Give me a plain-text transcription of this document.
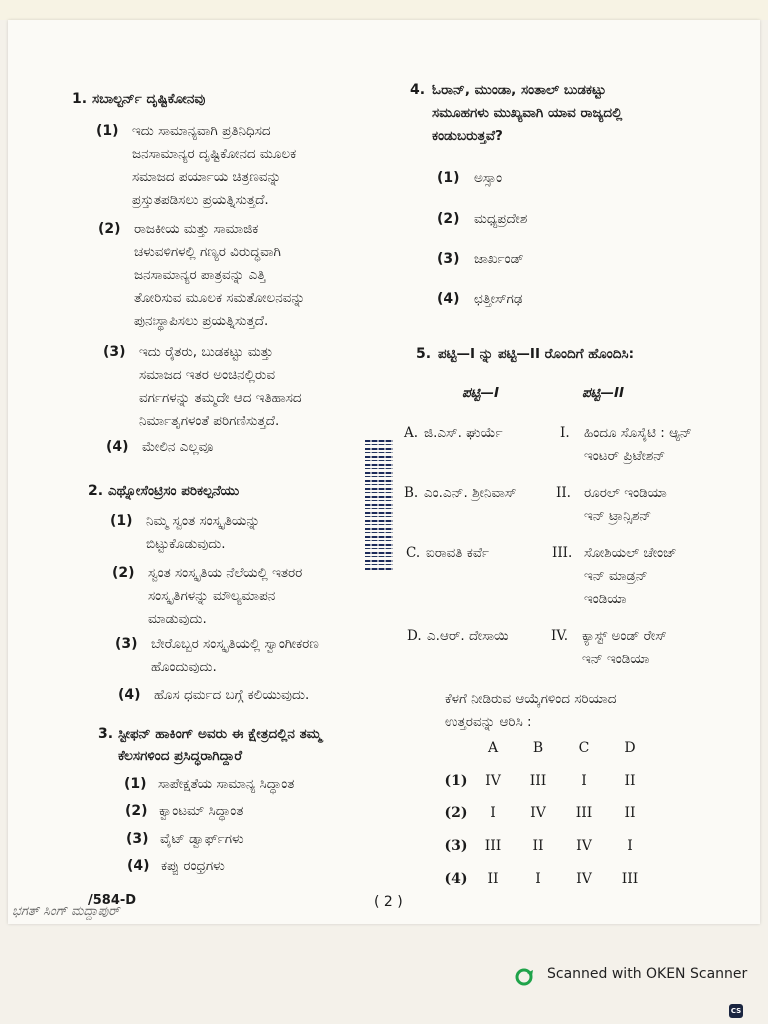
1. ಸಬಾಲ್ಟರ್ನ್ ದೃಷ್ಟಿಕೋನವು
(1) ಇದು ಸಾಮಾನ್ಯವಾಗಿ ಪ್ರತಿನಿಧಿಸದ
ಜನಸಾಮಾನ್ಯರ ದೃಷ್ಟಿಕೋನದ ಮೂಲಕ
ಸಮಾಜದ ಪರ್ಯಾಯ ಚಿತ್ರಣವನ್ನು
ಪ್ರಸ್ತುತಪಡಿಸಲು ಪ್ರಯತ್ನಿಸುತ್ತದೆ.
(2) ರಾಜಕೀಯ ಮತ್ತು ಸಾಮಾಜಿಕ
ಚಳುವಳಿಗಳಲ್ಲಿ ಗಣ್ಯರ ವಿರುದ್ಧವಾಗಿ
ಜನಸಾಮಾನ್ಯರ ಪಾತ್ರವನ್ನು ಎತ್ತಿ
ತೋರಿಸುವ ಮೂಲಕ ಸಮತೋಲನವನ್ನು
ಪುನಃಸ್ಥಾಪಿಸಲು ಪ್ರಯತ್ನಿಸುತ್ತದೆ.
(3) ಇದು ರೈತರು, ಬುಡಕಟ್ಟು ಮತ್ತು
ಸಮಾಜದ ಇತರ ಅಂಚಿನಲ್ಲಿರುವ
ವರ್ಗಗಳನ್ನು ತಮ್ಮದೇ ಆದ ಇತಿಹಾಸದ
ನಿರ್ಮಾತೃಗಳಂತೆ ಪರಿಗಣಿಸುತ್ತದೆ.
(4) ಮೇಲಿನ ಎಲ್ಲವೂ
2. ಎಥ್ನೋಸೆಂಟ್ರಿಸಂ ಪರಿಕಲ್ಪನೆಯು
(1) ನಿಮ್ಮ ಸ್ವಂತ ಸಂಸ್ಕೃತಿಯನ್ನು
ಬಿಟ್ಟುಕೊಡುವುದು.
(2) ಸ್ವಂತ ಸಂಸ್ಕೃತಿಯ ನೆಲೆಯಲ್ಲಿ ಇತರರ
ಸಂಸ್ಕೃತಿಗಳನ್ನು ಮೌಲ್ಯಮಾಪನ
ಮಾಡುವುದು.
(3) ಬೇರೊಬ್ಬರ ಸಂಸ್ಕೃತಿಯಲ್ಲಿ ಸ್ವಾಂಗೀಕರಣ
ಹೊಂದುವುದು.
(4) ಹೊಸ ಧರ್ಮದ ಬಗ್ಗೆ ಕಲಿಯುವುದು.
3. ಸ್ಟೀಫನ್ ಹಾಕಿಂಗ್ ಅವರು ಈ ಕ್ಷೇತ್ರದಲ್ಲಿನ ತಮ್ಮ
ಕೆಲಸಗಳಿಂದ ಪ್ರಸಿದ್ಧರಾಗಿದ್ದಾರೆ
(1) ಸಾಪೇಕ್ಷತೆಯ ಸಾಮಾನ್ಯ ಸಿದ್ಧಾಂತ
(2) ಕ್ವಾಂಟಮ್ ಸಿದ್ಧಾಂತ
(3) ವೈಟ್ ಡ್ವಾರ್ಫ್‌ಗಳು
(4) ಕಪ್ಪು ರಂಧ್ರಗಳು
4. ಓರಾನ್, ಮುಂಡಾ, ಸಂತಾಲ್ ಬುಡಕಟ್ಟು
ಸಮೂಹಗಳು ಮುಖ್ಯವಾಗಿ ಯಾವ ರಾಜ್ಯದಲ್ಲಿ
ಕಂಡುಬರುತ್ತವೆ?
(1) ಅಸ್ಸಾಂ
(2) ಮಧ್ಯಪ್ರದೇಶ
(3) ಜಾರ್ಖಂಡ್
(4) ಛತ್ತೀಸ್‌ಗಢ
5. ಪಟ್ಟಿ—I ನ್ನು ಪಟ್ಟಿ—II ರೊಂದಿಗೆ ಹೊಂದಿಸಿ:
ಪಟ್ಟಿ—I	ಪಟ್ಟಿ—II
A. ಜಿ.ಎಸ್. ಘುರ್ಯೆ	I. ಹಿಂದೂ ಸೊಸೈಟಿ : ಆ್ಯನ್
ಇಂಟರ್ ಪ್ರಿಟೇಶನ್
B. ಎಂ.ಎನ್. ಶ್ರೀನಿವಾಸ್	II. ರೂರಲ್ ಇಂಡಿಯಾ
ಇನ್ ಟ್ರಾನ್ಸಿಶನ್
C. ಐರಾವತಿ ಕರ್ವೆ	III. ಸೋಶಿಯಲ್ ಚೇಂಜ್
ಇನ್ ಮಾಡ್ರನ್
ಇಂಡಿಯಾ
D. ಎ.ಆರ್. ದೇಸಾಯಿ	IV. ಕ್ಯಾಸ್ಟ್ ಅಂಡ್ ರೇಸ್
ಇನ್ ಇಂಡಿಯಾ
ಕೆಳಗೆ ನೀಡಿರುವ ಆಯ್ಕೆಗಳಿಂದ ಸರಿಯಾದ
ಉತ್ತರವನ್ನು ಆರಿಸಿ :
A	B	C	D
(1)	IV	III	I	II
(2)	I	IV	III	II
(3)	III	II	IV	I
(4)	II	I	IV	III
/584-D	( 2 )
ಭಗತ್ ಸಿಂಗ್ ಮದ್ದಾಪುರ್
Scanned with OKEN Scanner
CS
